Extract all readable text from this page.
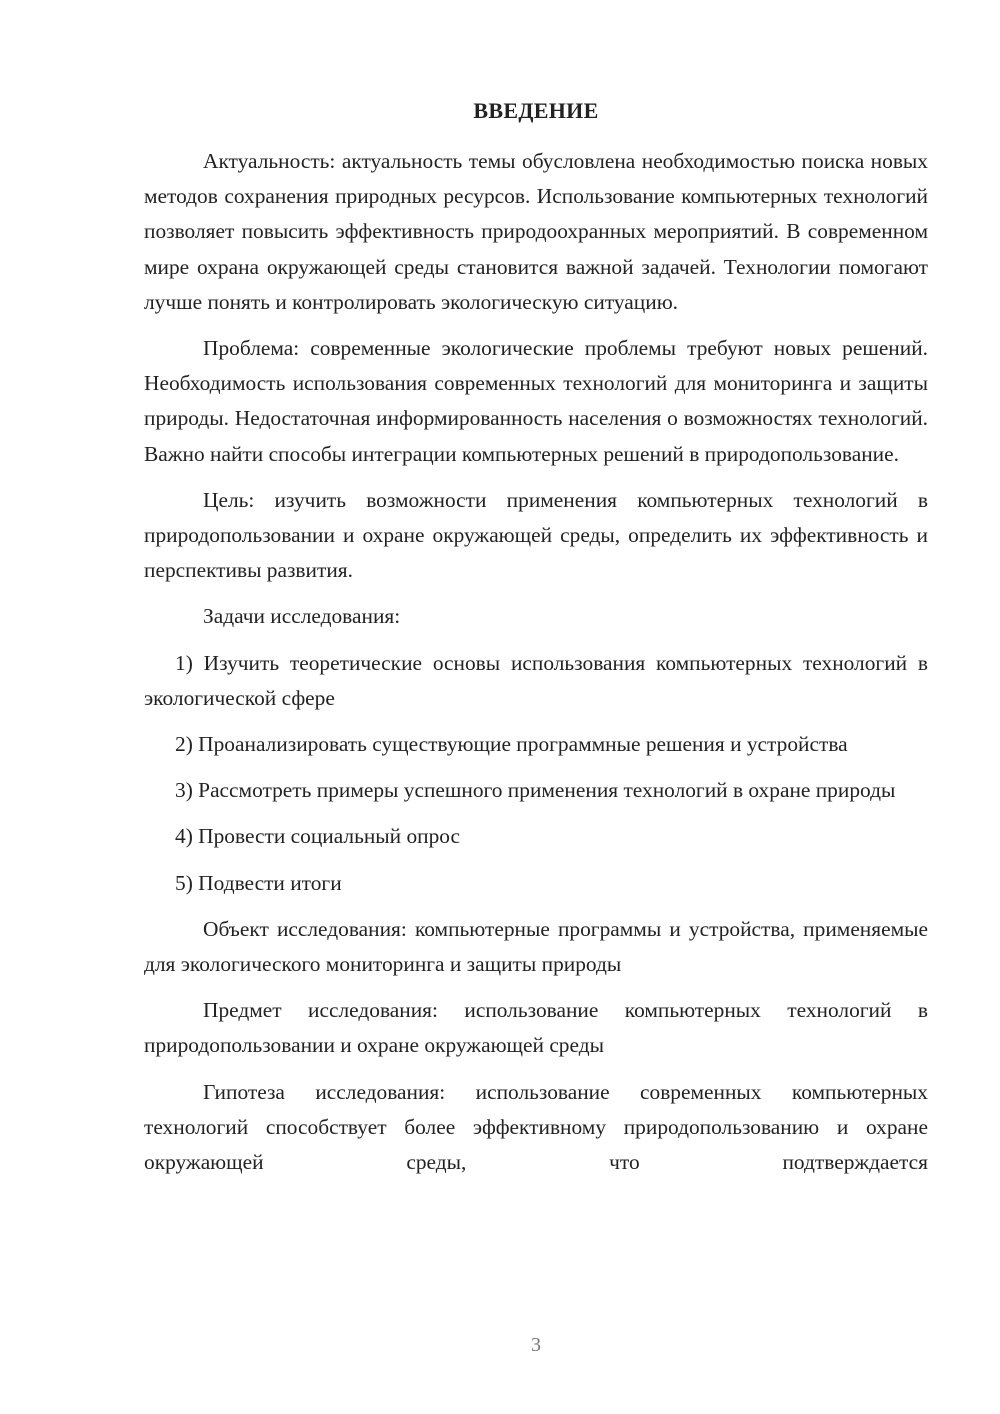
ВВЕДЕНИЕ

Актуальность: актуальность темы обусловлена необходимостью поиска новых методов сохранения природных ресурсов. Использование компьютерных технологий позволяет повысить эффективность природоохранных мероприятий. В современном мире охрана окружающей среды становится важной задачей. Технологии помогают лучше понять и контролировать экологическую ситуацию.

Проблема: современные экологические проблемы требуют новых решений. Необходимость использования современных технологий для мониторинга и защиты природы. Недостаточная информированность населения о возможностях технологий. Важно найти способы интеграции компьютерных решений в природопользование.

Цель: изучить возможности применения компьютерных технологий в природопользовании и охране окружающей среды, определить их эффективность и перспективы развития.

Задачи исследования:

1) Изучить теоретические основы использования компьютерных технологий в экологической сфере

2) Проанализировать существующие программные решения и устройства

3) Рассмотреть примеры успешного применения технологий в охране природы

4) Провести социальный опрос

5) Подвести итоги

Объект исследования: компьютерные программы и устройства, применяемые для экологического мониторинга и защиты природы

Предмет исследования: использование компьютерных технологий в природопользовании и охране окружающей среды

Гипотеза исследования: использование современных компьютерных технологий способствует более эффективному природопользованию и охране окружающей среды, что подтверждается

3
